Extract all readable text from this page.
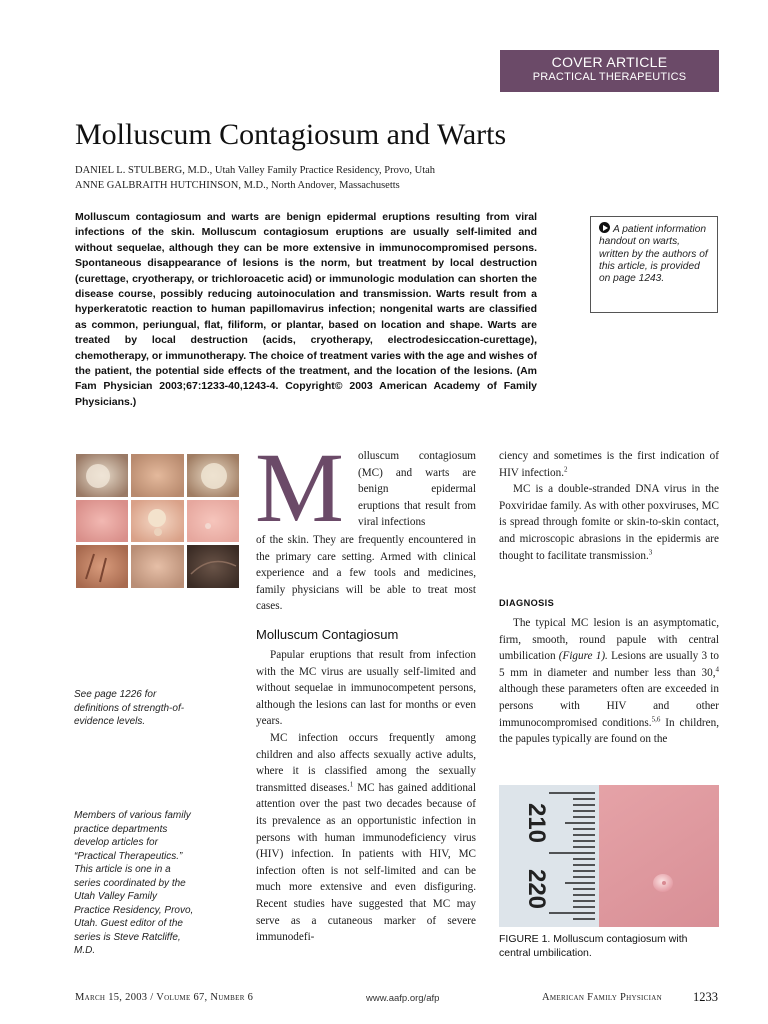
COVER ARTICLE
PRACTICAL THERAPEUTICS
Molluscum Contagiosum and Warts
DANIEL L. STULBERG, M.D., Utah Valley Family Practice Residency, Provo, Utah
ANNE GALBRAITH HUTCHINSON, M.D., North Andover, Massachusetts
Molluscum contagiosum and warts are benign epidermal eruptions resulting from viral infections of the skin. Molluscum contagiosum eruptions are usually self-limited and without sequelae, although they can be more extensive in immunocompromised persons. Spontaneous disappearance of lesions is the norm, but treatment by local destruction (curettage, cryotherapy, or trichloroacetic acid) or immunologic modulation can shorten the disease course, possibly reducing autoinoculation and transmission. Warts result from a hyperkeratotic reaction to human papillomavirus infection; nongenital warts are classified as common, periungual, flat, filiform, or plantar, based on location and shape. Warts are treated by local destruction (acids, cryotherapy, electrodesiccation-curettage), chemotherapy, or immunotherapy. The choice of treatment varies with the age and wishes of the patient, the potential side effects of the treatment, and the location of the lesions. (Am Fam Physician 2003;67:1233-40,1243-4. Copyright© 2003 American Academy of Family Physicians.)
A patient information handout on warts, written by the authors of this article, is provided on page 1243.
See page 1226 for definitions of strength-of-evidence levels.
Members of various family practice departments develop articles for “Practical Therapeutics.” This article is one in a series coordinated by the Utah Valley Family Practice Residency, Provo, Utah. Guest editor of the series is Steve Ratcliffe, M.D.
M olluscum contagiosum (MC) and warts are benign epidermal eruptions that result from viral infections

of the skin. They are frequently encountered in the primary care setting. Armed with clinical experience and a few tools and medicines, family physicians will be able to treat most cases.

Molluscum Contagiosum

Papular eruptions that result from infection with the MC virus are usually self-limited and without sequelae in immunocompetent persons, although the lesions can last for months or even years.

MC infection occurs frequently among children and also affects sexually active adults, where it is classified among the sexually transmitted diseases.$^1$ MC has gained additional attention over the past two decades because of its prevalence as an opportunistic infection in persons with human immunodeficiency virus (HIV) infection. In patients with HIV, MC infection often is not self-limited and can be much more extensive and even disfiguring. Recent studies have suggested that MC may serve as a cutaneous marker of severe immunodefi-

ciency and sometimes is the first indication of HIV infection.$^2$

MC is a double-stranded DNA virus in the Poxviridae family. As with other poxviruses, MC is spread through fomite or skin-to-skin contact, and microscopic abrasions in the epidermis are thought to facilitate transmission.$^3$

DIAGNOSIS

The typical MC lesion is an asymptomatic, firm, smooth, round papule with central umbilication (Figure 1). Lesions are usually 3 to 5 mm in diameter and number less than 30,$^4$ although these parameters often are exceeded in persons with HIV and other immunocompromised conditions.$^{5,6}$ In children, the papules typically are found on the

210
220
FIGURE 1. Molluscum contagiosum with central umbilication.
March 15, 2003 / Volume 67, Number 6	www.aafp.org/afp	American Family Physician 1233
